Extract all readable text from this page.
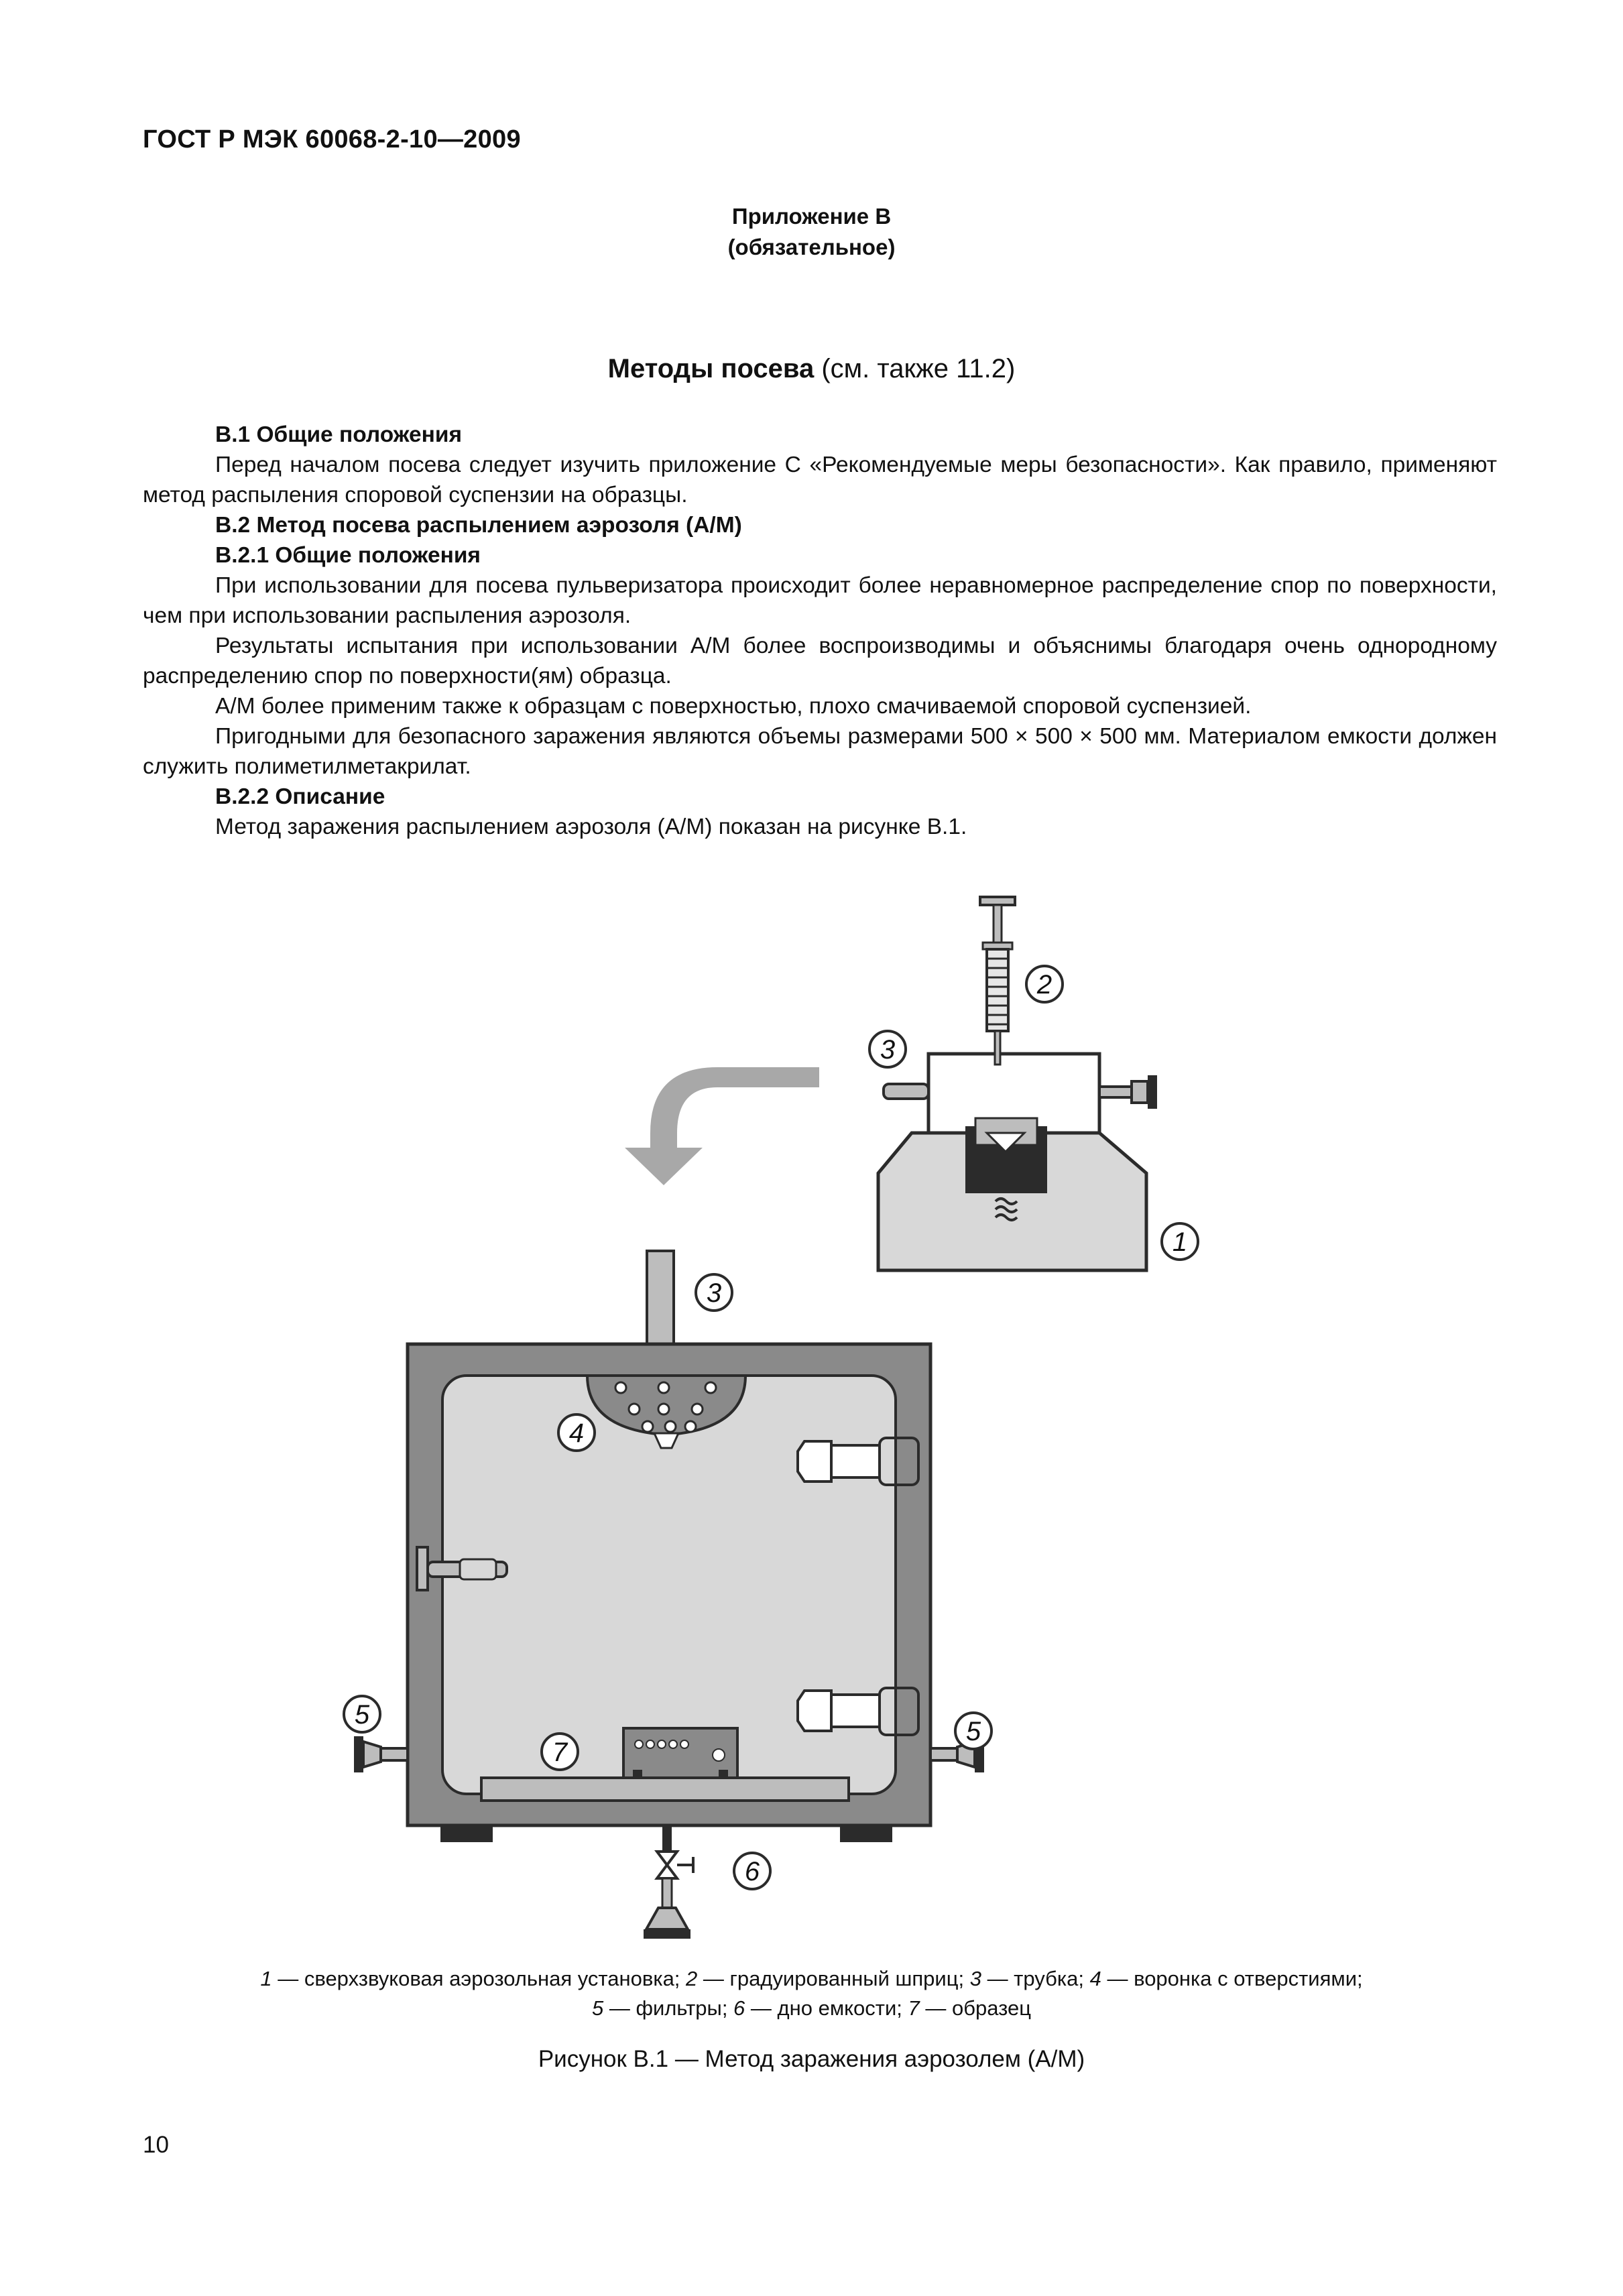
ГОСТ Р МЭК 60068-2-10—2009
Приложение В
(обязательное)
Методы посева (см. также 11.2)

В.1 Общие положения

Перед началом посева следует изучить приложение С «Рекомендуемые меры безопасности». Как правило, применяют метод распыления споровой суспензии на образцы.

В.2 Метод посева распылением аэрозоля (А/М)

В.2.1 Общие положения

При использовании для посева пульверизатора происходит более неравномерное распределение спор по поверхности, чем при использовании распыления аэрозоля.

Результаты испытания при использовании А/М более воспроизводимы и объяснимы благодаря очень однородному распределению спор по поверхности(ям) образца.

А/М более применим также к образцам с поверхностью, плохо смачиваемой споровой суспензией.

Пригодными для безопасного заражения являются объемы размерами 500 × 500 × 500 мм. Материалом емкости должен служить полиметилметакрилат.

В.2.2 Описание

Метод заражения распылением аэрозоля (А/М) показан на рисунке В.1.

1
2
3
3
4
5
5
6
7
1 — сверхзвуковая аэрозольная установка; 2 — градуированный шприц; 3 — трубка; 4 — воронка с отверстиями;
5 — фильтры; 6 — дно емкости; 7 — образец
Рисунок В.1 — Метод заражения аэрозолем (А/М)
10
